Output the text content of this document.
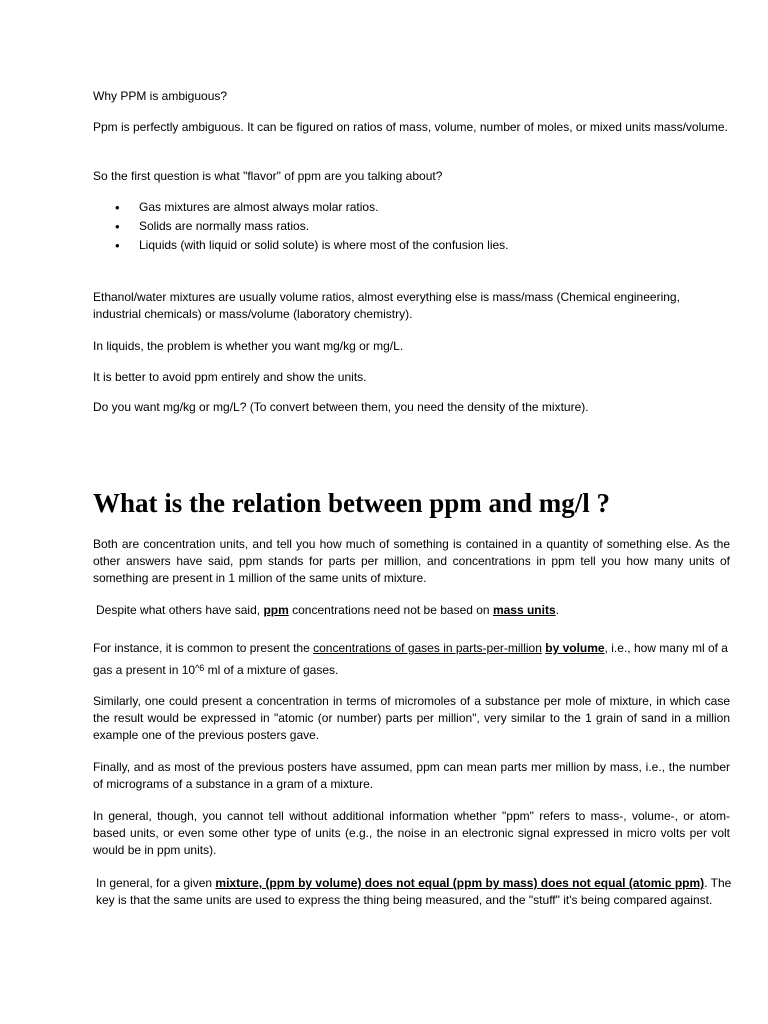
Why PPM is ambiguous?

Ppm is perfectly ambiguous. It can be figured on ratios of mass, volume, number of moles, or mixed units mass/volume.

So the first question is what "flavor" of ppm are you talking about?

• Gas mixtures are almost always molar ratios.
• Solids are normally mass ratios.
• Liquids (with liquid or solid solute) is where most of the confusion lies.

Ethanol/water mixtures are usually volume ratios, almost everything else is mass/mass (Chemical engineering, industrial chemicals) or mass/volume (laboratory chemistry).

In liquids, the problem is whether you want mg/kg or mg/L.

It is better to avoid ppm entirely and show the units.

Do you want mg/kg or mg/L? (To convert between them, you need the density of the mixture).

What is the relation between ppm and mg/l ?

Both are concentration units, and tell you how much of something is contained in a quantity of something else. As the other answers have said, ppm stands for parts per million, and concentrations in ppm tell you how many units of something are present in 1 million of the same units of mixture.

Despite what others have said, ppm concentrations need not be based on mass units.

For instance, it is common to present the concentrations of gases in parts-per-million by volume, i.e., how many ml of a gas a present in $10^{\^{}6}$ ml of a mixture of gases.

Similarly, one could present a concentration in terms of micromoles of a substance per mole of mixture, in which case the result would be expressed in "atomic (or number) parts per million", very similar to the 1 grain of sand in a million example one of the previous posters gave.

Finally, and as most of the previous posters have assumed, ppm can mean parts mer million by mass, i.e., the number of micrograms of a substance in a gram of a mixture.

In general, though, you cannot tell without additional information whether "ppm" refers to mass-, volume-, or atom-based units, or even some other type of units (e.g., the noise in an electronic signal expressed in micro volts per volt would be in ppm units).

In general, for a given mixture, (ppm by volume) does not equal (ppm by mass) does not equal (atomic ppm). The key is that the same units are used to express the thing being measured, and the "stuff" it's being compared against.
